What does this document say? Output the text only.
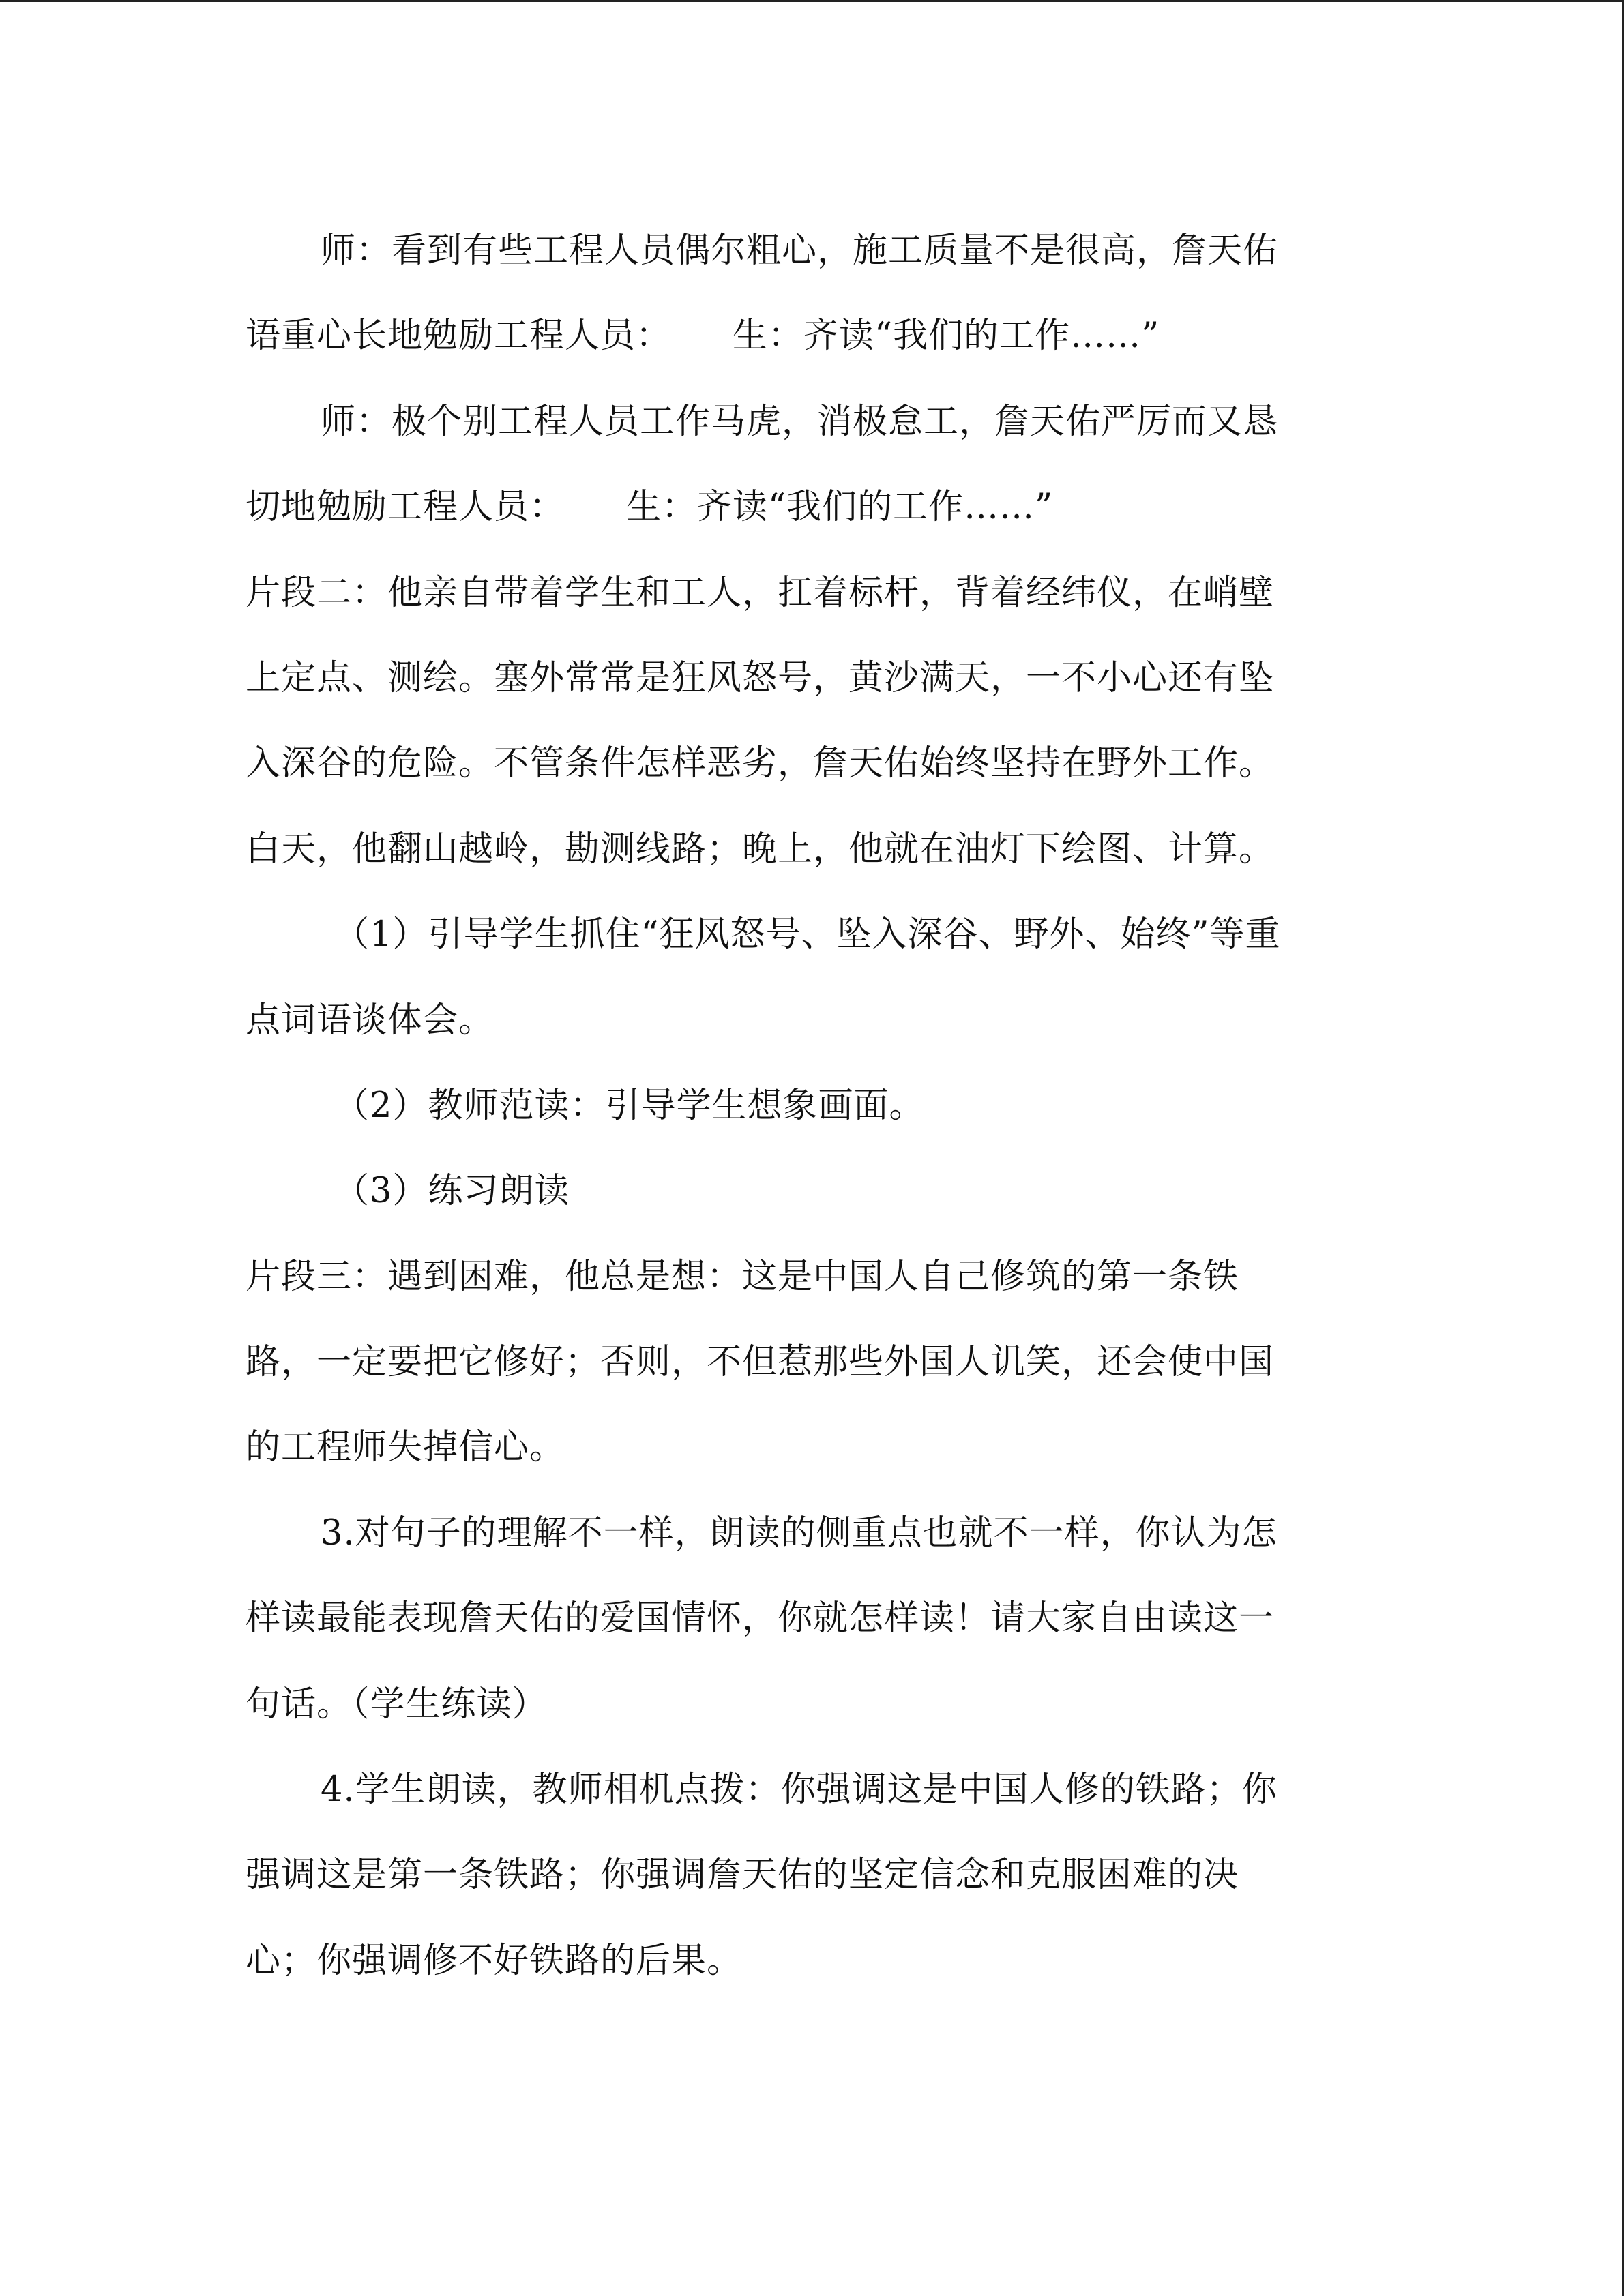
师：看到有些工程人员偶尔粗心，施工质量不是很高，詹天佑
语重心长地勉励工程人员： 生：齐读“我们的工作……”
师：极个别工程人员工作马虎，消极怠工，詹天佑严厉而又恳
切地勉励工程人员： 生：齐读“我们的工作……”
片段二：他亲自带着学生和工人，扛着标杆，背着经纬仪，在峭壁
上定点、测绘。塞外常常是狂风怒号，黄沙满天，一不小心还有坠
入深谷的危险。不管条件怎样恶劣，詹天佑始终坚持在野外工作。
白天，他翻山越岭，勘测线路；晚上，他就在油灯下绘图、计算。
（1）引导学生抓住“狂风怒号、坠入深谷、野外、始终”等重
点词语谈体会。
（2）教师范读：引导学生想象画面。
（3）练习朗读
片段三：遇到困难，他总是想：这是中国人自己修筑的第一条铁
路，一定要把它修好；否则，不但惹那些外国人讥笑，还会使中国
的工程师失掉信心。
3.对句子的理解不一样，朗读的侧重点也就不一样，你认为怎
样读最能表现詹天佑的爱国情怀，你就怎样读！请大家自由读这一
句话。（学生练读）
4.学生朗读，教师相机点拨：你强调这是中国人修的铁路；你
强调这是第一条铁路；你强调詹天佑的坚定信念和克服困难的决
心；你强调修不好铁路的后果。
